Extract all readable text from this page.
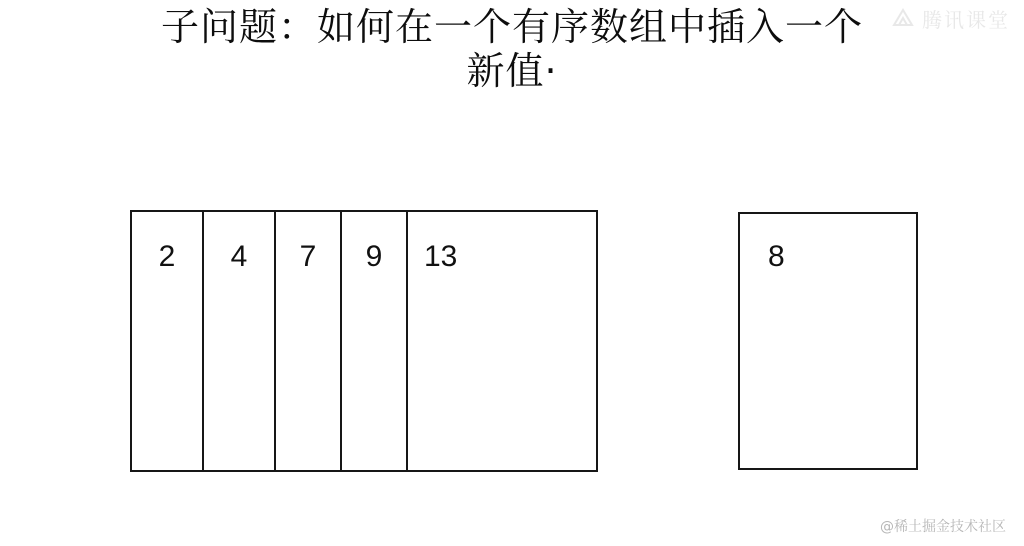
腾讯课堂
子问题：如何在一个有序数组中插入一个
新值·
2	4	7	9	13	8
@稀土掘金技术社区
